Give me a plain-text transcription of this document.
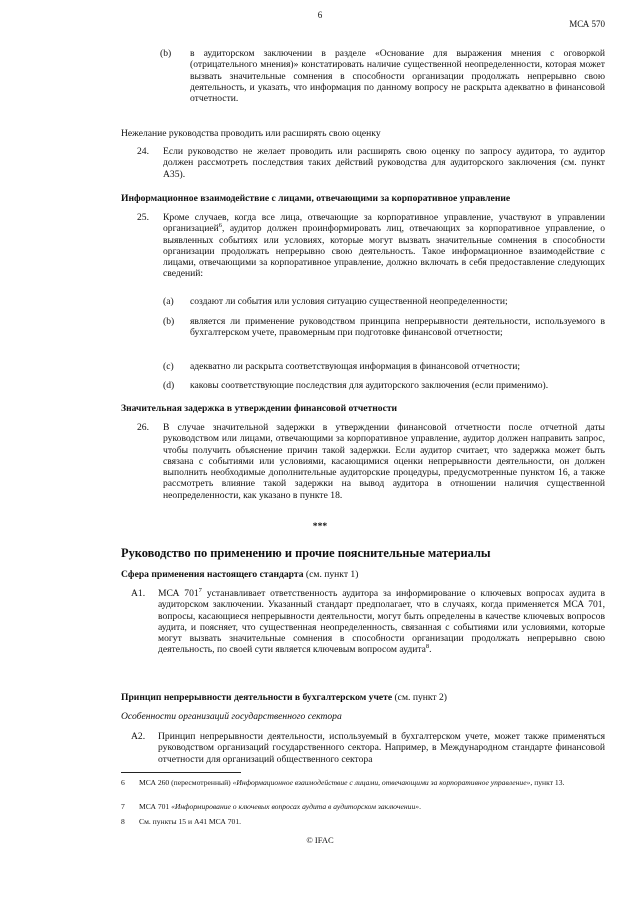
6
МСА 570
(b)	в аудиторском заключении в разделе «Основание для выражения мнения с оговоркой (отрицательного мнения)» констатировать наличие существенной неопределенности, которая может вызвать значительные сомнения в способности организации продолжать непрерывно свою деятельность, и указать, что информация по данному вопросу не раскрыта адекватно в финансовой отчетности.
Нежелание руководства проводить или расширять свою оценку
24.	Если руководство не желает проводить или расширять свою оценку по запросу аудитора, то аудитор должен рассмотреть последствия таких действий руководства для аудиторского заключения (см. пункт А35).
Информационное взаимодействие с лицами, отвечающими за корпоративное управление
25.	Кроме случаев, когда все лица, отвечающие за корпоративное управление, участвуют в управлении организацией$^6$, аудитор должен проинформировать лиц, отвечающих за корпоративное управление, о выявленных событиях или условиях, которые могут вызвать значительные сомнения в способности организации продолжать непрерывно свою деятельность. Такое информационное взаимодействие с лицами, отвечающими за корпоративное управление, должно включать в себя предоставление следующих сведений:
(a)	создают ли события или условия ситуацию существенной неопределенности;
(b)	является ли применение руководством принципа непрерывности деятельности, используемого в бухгалтерском учете, правомерным при подготовке финансовой отчетности;
(c)	адекватно ли раскрыта соответствующая информация в финансовой отчетности;
(d)	каковы соответствующие последствия для аудиторского заключения (если применимо).
Значительная задержка в утверждении финансовой отчетности
26.	В случае значительной задержки в утверждении финансовой отчетности после отчетной даты руководством или лицами, отвечающими за корпоративное управление, аудитор должен направить запрос, чтобы получить объяснение причин такой задержки. Если аудитор считает, что задержка может быть связана с событиями или условиями, касающимися оценки непрерывности деятельности, он должен выполнить необходимые дополнительные аудиторские процедуры, предусмотренные пунктом 16, а также рассмотреть влияние такой задержки на вывод аудитора в отношении наличия существенной неопределенности, как указано в пункте 18.
***
Руководство по применению и прочие пояснительные материалы
Сфера применения настоящего стандарта (см. пункт 1)
A1.	МСА $701^7$ устанавливает ответственность аудитора за информирование о ключевых вопросах аудита в аудиторском заключении. Указанный стандарт предполагает, что в случаях, когда применяется МСА 701, вопросы, касающиеся непрерывности деятельности, могут быть определены в качестве ключевых вопросов аудита, и поясняет, что существенная неопределенность, связанная с событиями или условиями, которые могут вызвать значительные сомнения в способности организации продолжать непрерывно свою деятельность, по своей сути является ключевым вопросом аудита$^8$.
Принцип непрерывности деятельности в бухгалтерском учете (см. пункт 2)
Особенности организаций государственного сектора
A2.	Принцип непрерывности деятельности, используемый в бухгалтерском учете, может также применяться руководством организаций государственного сектора. Например, в Международном стандарте финансовой отчетности для организаций общественного сектора
6	МСА 260 (пересмотренный) «Информационное взаимодействие с лицами, отвечающими за корпоративное управление», пункт 13.
7	МСА 701 «Информирование о ключевых вопросах аудита в аудиторском заключении».
8	См. пункты 15 и А41 МСА 701.
© IFAC
